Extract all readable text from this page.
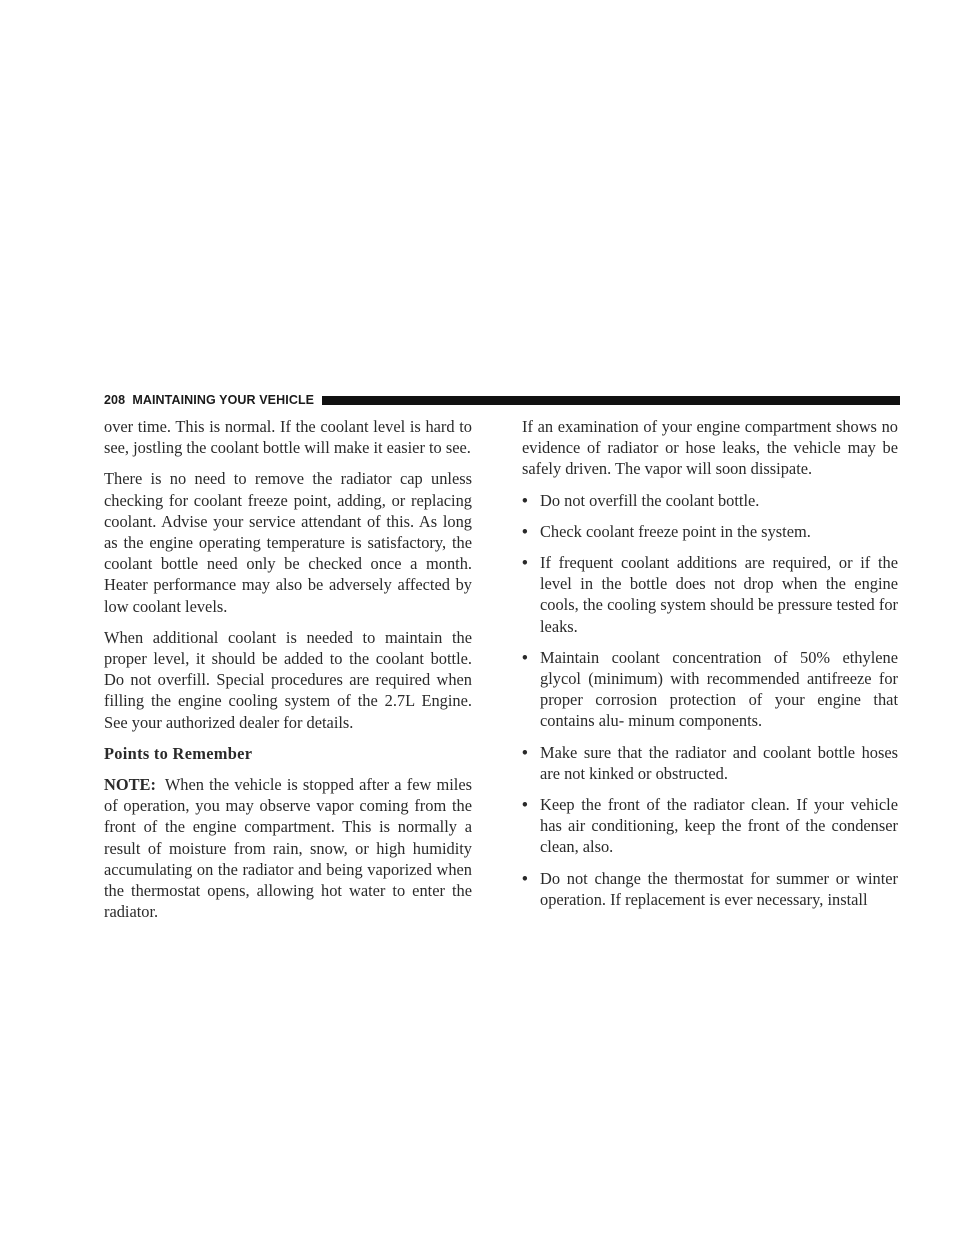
208 MAINTAINING YOUR VEHICLE

over time. This is normal. If the coolant level is hard to see, jostling the coolant bottle will make it easier to see.

There is no need to remove the radiator cap unless checking for coolant freeze point, adding, or replacing coolant. Advise your service attendant of this. As long as the engine operating temperature is satisfactory, the coolant bottle need only be checked once a month. Heater performance may also be adversely affected by low coolant levels.

When additional coolant is needed to maintain the proper level, it should be added to the coolant bottle. Do not overfill. Special procedures are required when filling the engine cooling system of the 2.7L Engine. See your authorized dealer for details.

Points to Remember

NOTE: When the vehicle is stopped after a few miles of operation, you may observe vapor coming from the front of the engine compartment. This is normally a result of moisture from rain, snow, or high humidity accumulating on the radiator and being vaporized when the thermostat opens, allowing hot water to enter the radiator.

If an examination of your engine compartment shows no evidence of radiator or hose leaks, the vehicle may be safely driven. The vapor will soon dissipate.

• Do not overfill the coolant bottle.
• Check coolant freeze point in the system.
• If frequent coolant additions are required, or if the level in the bottle does not drop when the engine cools, the cooling system should be pressure tested for leaks.
• Maintain coolant concentration of 50% ethylene glycol (minimum) with recommended antifreeze for proper corrosion protection of your engine that contains alu- minum components.
• Make sure that the radiator and coolant bottle hoses are not kinked or obstructed.
• Keep the front of the radiator clean. If your vehicle has air conditioning, keep the front of the condenser clean, also.
• Do not change the thermostat for summer or winter operation. If replacement is ever necessary, install
